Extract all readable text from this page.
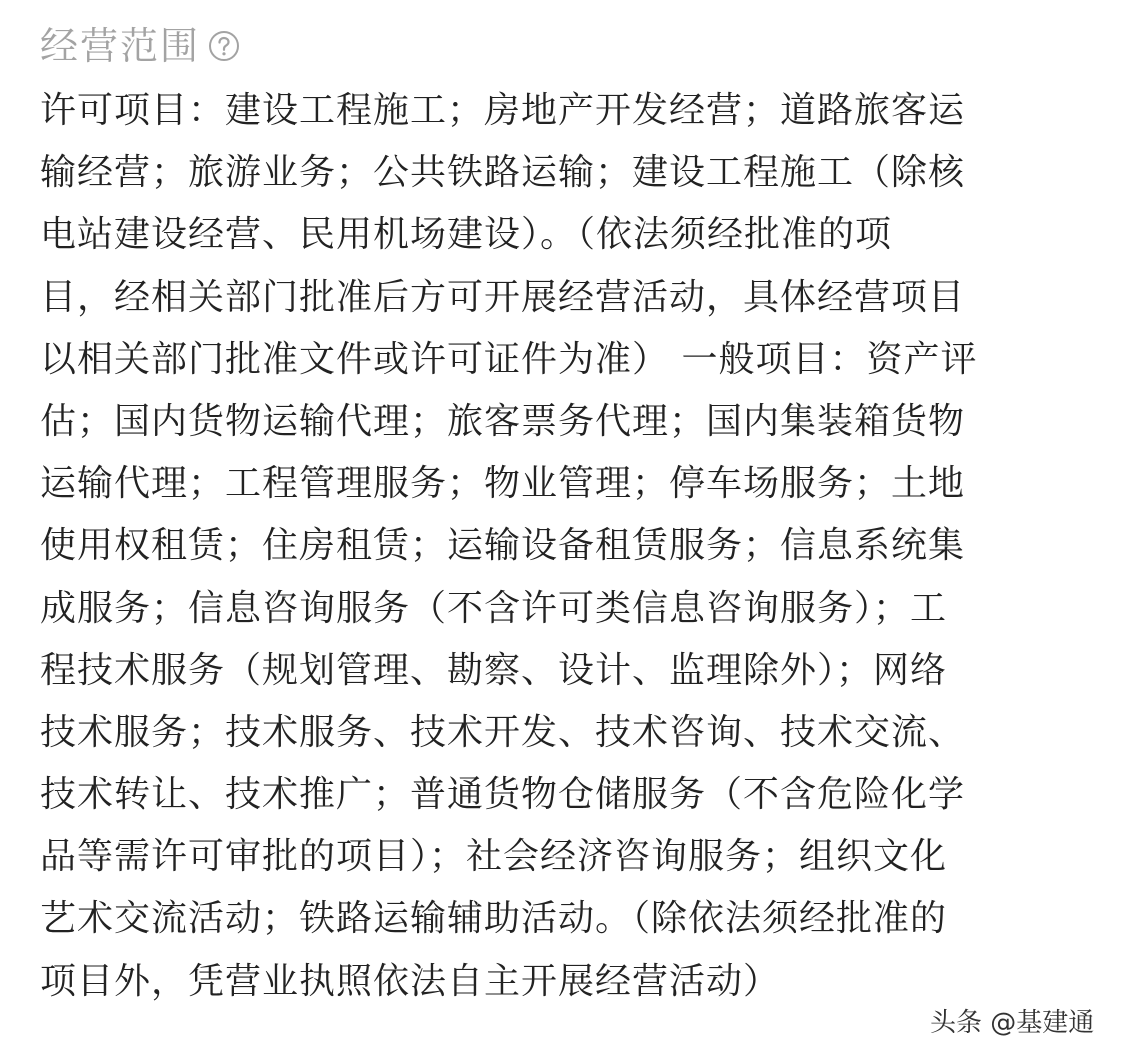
经营范围
许可项目：建设工程施工；房地产开发经营；道路旅客运
输经营；旅游业务；公共铁路运输；建设工程施工（除核
电站建设经营、民用机场建设）。（依法须经批准的项
目，经相关部门批准后方可开展经营活动，具体经营项目
以相关部门批准文件或许可证件为准） 一般项目：资产评
估；国内货物运输代理；旅客票务代理；国内集装箱货物
运输代理；工程管理服务；物业管理；停车场服务；土地
使用权租赁；住房租赁；运输设备租赁服务；信息系统集
成服务；信息咨询服务（不含许可类信息咨询服务）；工
程技术服务（规划管理、勘察、设计、监理除外）；网络
技术服务；技术服务、技术开发、技术咨询、技术交流、
技术转让、技术推广；普通货物仓储服务（不含危险化学
品等需许可审批的项目）；社会经济咨询服务；组织文化
艺术交流活动；铁路运输辅助活动。（除依法须经批准的
项目外，凭营业执照依法自主开展经营活动）
头条 @基建通
